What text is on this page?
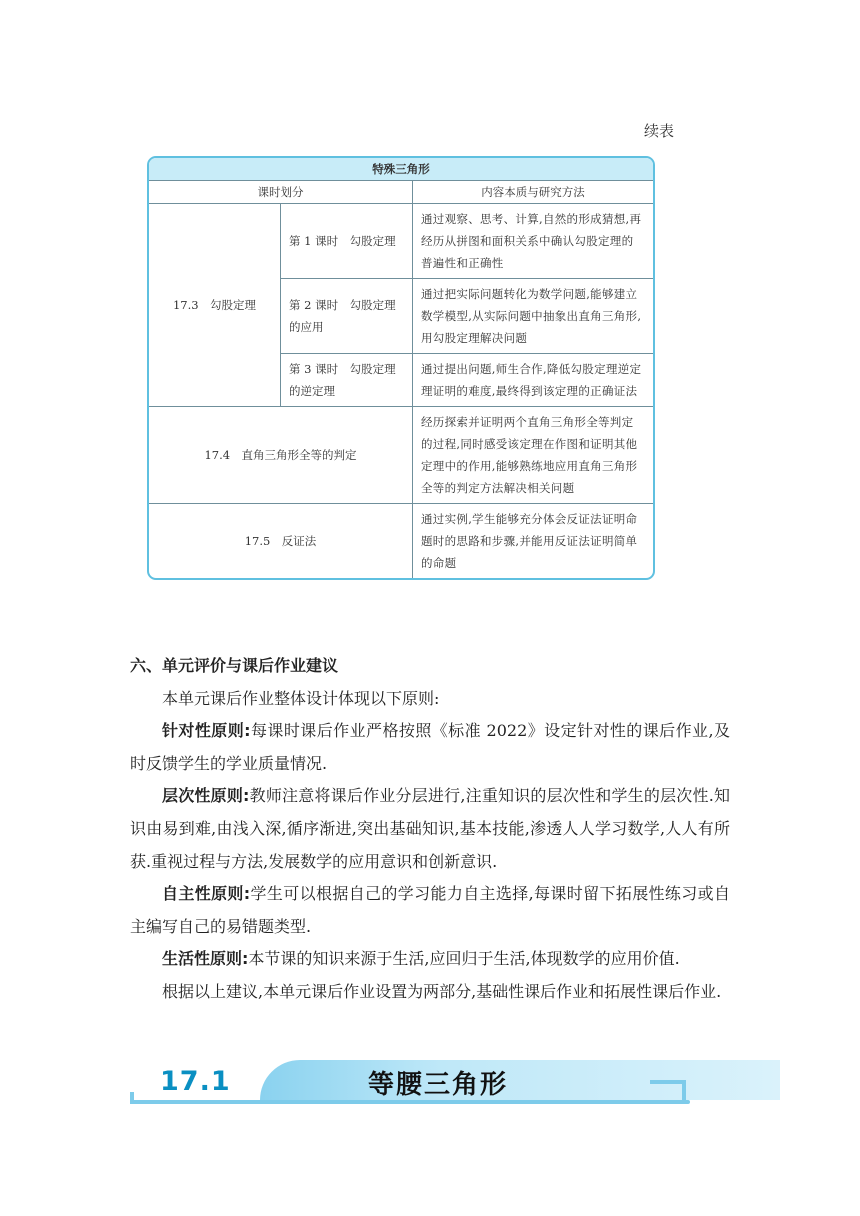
续表
特殊三角形		
课时划分		内容本质与研究方法
17.3　勾股定理	第 1 课时　勾股定理	通过观察、思考、计算,自然的形成猜想,再经历从拼图和面积关系中确认勾股定理的普遍性和正确性
	第 2 课时　勾股定理的应用	通过把实际问题转化为数学问题,能够建立数学模型,从实际问题中抽象出直角三角形,用勾股定理解决问题
	第 3 课时　勾股定理的逆定理	通过提出问题,师生合作,降低勾股定理逆定理证明的难度,最终得到该定理的正确证法
17.4　直角三角形全等的判定		经历探索并证明两个直角三角形全等判定的过程,同时感受该定理在作图和证明其他定理中的作用,能够熟练地应用直角三角形全等的判定方法解决相关问题
17.5　反证法		通过实例,学生能够充分体会反证法证明命题时的思路和步骤,并能用反证法证明简单的命题

六、单元评价与课后作业建议

本单元课后作业整体设计体现以下原则:

针对性原则:每课时课后作业严格按照《标准 2022》设定针对性的课后作业,及时反馈学生的学业质量情况.

层次性原则:教师注意将课后作业分层进行,注重知识的层次性和学生的层次性.知识由易到难,由浅入深,循序渐进,突出基础知识,基本技能,渗透人人学习数学,人人有所获.重视过程与方法,发展数学的应用意识和创新意识.

自主性原则:学生可以根据自己的学习能力自主选择,每课时留下拓展性练习或自主编写自己的易错题类型.

生活性原则:本节课的知识来源于生活,应回归于生活,体现数学的应用价值.

根据以上建议,本单元课后作业设置为两部分,基础性课后作业和拓展性课后作业.

17.1	等腰三角形
